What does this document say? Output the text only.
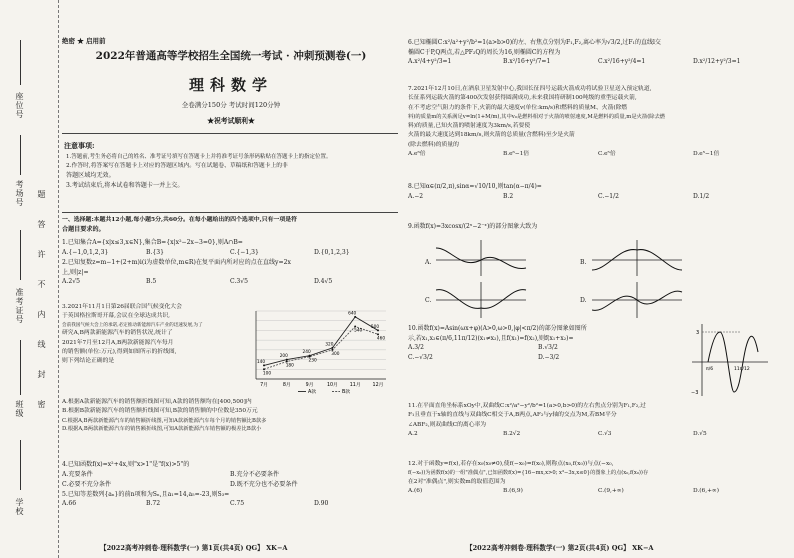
座位号
考场号
准考证号
班级
学校
题
答
许
不
内
线
封
密
绝密 ★ 启用前
2022年普通高等学校招生全国统一考试 · 冲刺预测卷(一)
理科数学
全卷满分150分 考试时间120分钟
★祝考试顺利★
注意事项:

1.答题前,考生务必将自己的姓名、准考证号填写在答题卡上并将准考证号条形码粘贴在答题卡上的指定位置。

2.作答时,将答案写在答题卡上对应的答题区域内。写在试题卷、草稿纸和答题卡上的非

答题区域均无效。

3.考试结束后,将本试卷和答题卡一并上交。

一、选择题:本题共12小题,每小题5分,共60分。在每小题给出的四个选项中,只有一项是符

合题目要求的。

1.已知集合A={x|x≤3,x∈N},集合B={x|x²−2x−3=0},则A∩B=

A.{−1,0,1,2,3}	B.{3}	C.{−1,3}	D.{0,1,2,3}

2.已知复数z=m−1+(2+m)i(i为虚数单位,m∈R)在复平面内所对应的点在直线y=2x

上,则|z|=

A.2√5	B.5	C.3√5	D.4√5

3.2021年11月1日第26届联合国气候变化大会

于英国格拉斯哥开幕,会议在全球达成共识,

会前我国气候大会上的承诺,必定推动新能源汽车产业的迅速发展,为了

研究A,B两款新能源汽车的销售状况,统计了

2021年7月至12月A,B两款新能源汽车每月

的销售额(单位:万元),得到如图所示的折线图,

则下列结论正确的是

7月	8月	9月	10月 11月 12月
140
200
240
320
640
500
100
180
230
300
540
460
A款	B款

A.根据A款新能源汽车的销售额折线图可知,A款的销售额均在[400,500]内

B.根据B款新能源汽车的销售额折线图可知,B款的销售额的中位数是350万元

C.根据A,B两款新能源汽车的销售额折线图,可知A款新能源汽车每个月的销售额比B款多

D.根据A,B两款新能源汽车的销售额折线图,可知A款新能源汽车销售额的极差比B款小

4.已知函数f(x)=x²+4x,则"x>1"是"f(x)>5"的

A.充要条件	B.充分不必要条件
C.必要不充分条件	D.既不充分也不必要条件

5.已知等差数列{aₙ}的前n项和为Sₙ,且a₁=14,a₅=-23,则S₃=

A.66	B.72	C.75	D.90
【2022高考冲刺卷·理科数学(一) 第1页(共4页) QG】 XK−A

6.已知椭圆C:x²/a²+y²/b²=1(a>b>0)的左、右焦点分别为F₁,F₂,离心率为√3/2,过F₁的直线l交

椭圆C于P,Q两点,若△PF₂Q的周长为16,则椭圆C的方程为

A.x²/4+y²/3=1	B.x²/16+y²/7=1	C.x²/16+y²/4=1	D.x²/12+y²/3=1

7.2021年12月10日,在酒泉卫星发射中心,我国长征四号运载火箭成功将试验卫星送入预定轨道,

长征系列运载火箭的第400次发射获得圆满成功,未来我国将研制100吨级的重型运载火箭,

在不考虑空气阻力的条件下,火箭的最大速度v(单位:km/s)和燃料的质量M、火箭(除燃

料)的质量m的关系满足v=ln(1+M/m),其中v₀是燃料相对于火箭的喷射速度,M是燃料的质量,m是火箭(除去燃

料)的质量,已知火箭的喷射速度为3km/s,若要使

火箭的最大速度达到18km/s,则火箭的总质量(含燃料)至少是火箭

(除去燃料)的质量的

A.e⁶倍	B.e⁶−1倍	C.e⁵倍	D.e⁵−1倍

8.已知α∈(π/2,π),sinα=√10/10,则tan(α−π/4)=

A.−2	B.2	C.−1/2	D.1/2

9.函数f(x)=3xcosx/(2ˣ−2⁻ˣ)的部分图象大致为

A.	B.
C.	D.

10.函数f(x)=Asin(ωx+φ)(A>0,ω>0,|φ|<π/2)的部分图象如图所

示,若x₁,x₂∈(π/6,11π/12)(x₁≠x₂),且f(x₁)=f(x₂),则f(x₁+x₂)=

A.3/2	B.√3/2
C.−√3/2	D.−3/2
3
−3
π/6	11π/12

11.在平面直角坐标系xOy中,双曲线C:x²/a²−y²/b²=1(a>0,b>0)的左右焦点分别为F₁,F₂,过

F₁且垂直于x轴的直线与双曲线C相交于A,B两点,AF₂与y轴的交点为M,若BM平分

∠ABF₂,则双曲线C的离心率为

A.2	B.2√2	C.√3	D.√5

12.对于函数y=f(x),若存在x₀(x₀≠0),使f(−x₀)=f(x₀),则称点(x₀,f(x₀))与点(−x₀,

f(−x₀))为函数f(x)的一组"准偶点",已知函数f(x)={16−mx,x>0; x³−3x,x≤0}的图象上的点(x₀,f(x₀))存

在2对"准偶点",则实数m的取值范围为

A.(6)	B.(6,9)	C.(9,+∞)	D.(6,+∞)
【2022高考冲刺卷·理科数学(一) 第2页(共4页) QG】 XK−A
